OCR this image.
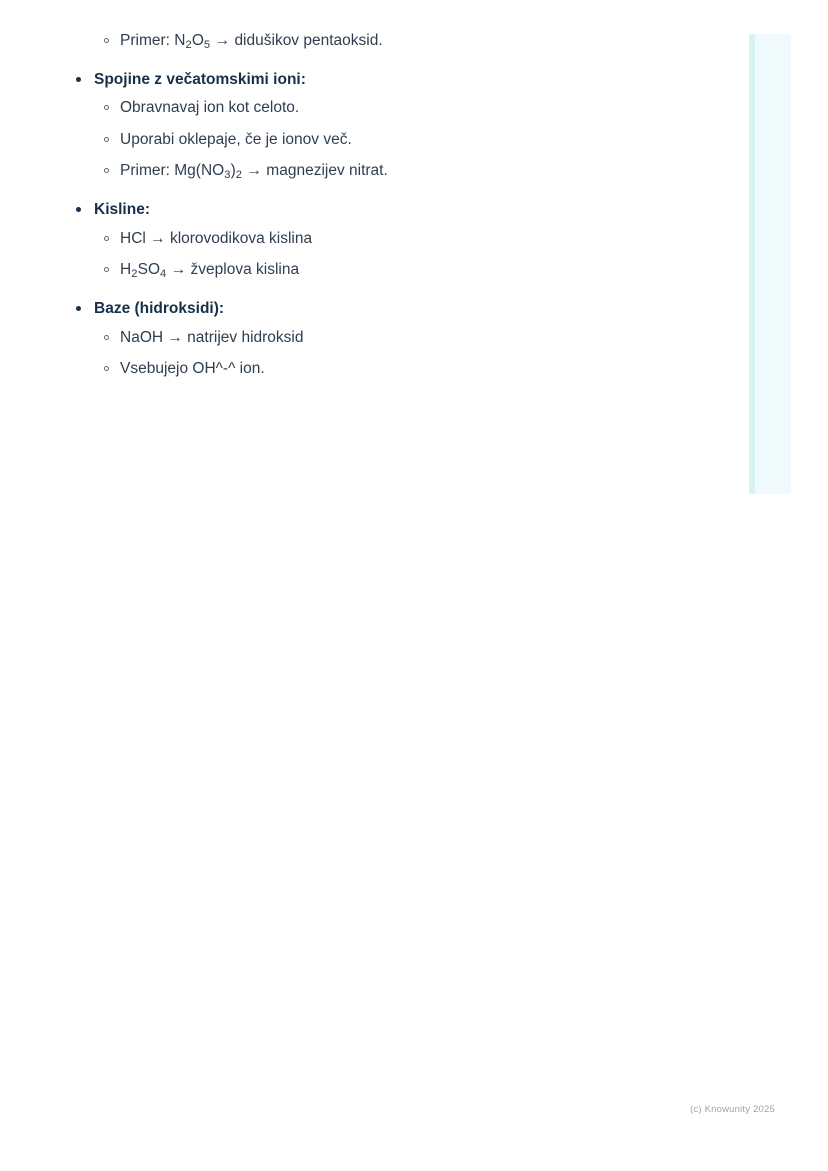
Primer: $N_2O_5$ → didušikov pentaoksid.
Spojine z večatomskimi ioni:
Obravnavaj ion kot celoto.
Uporabi oklepaje, če je ionov več.
Primer: $Mg(NO_3)_2$ → magnezijev nitrat.
Kisline:
HCl → klorovodikova kislina
$H_2SO_4$ → žveplova kislina
Baze (hidroksidi):
NaOH → natrijev hidroksid
Vsebujejo OH^-^ ion.
(c) Knowunity 2025
